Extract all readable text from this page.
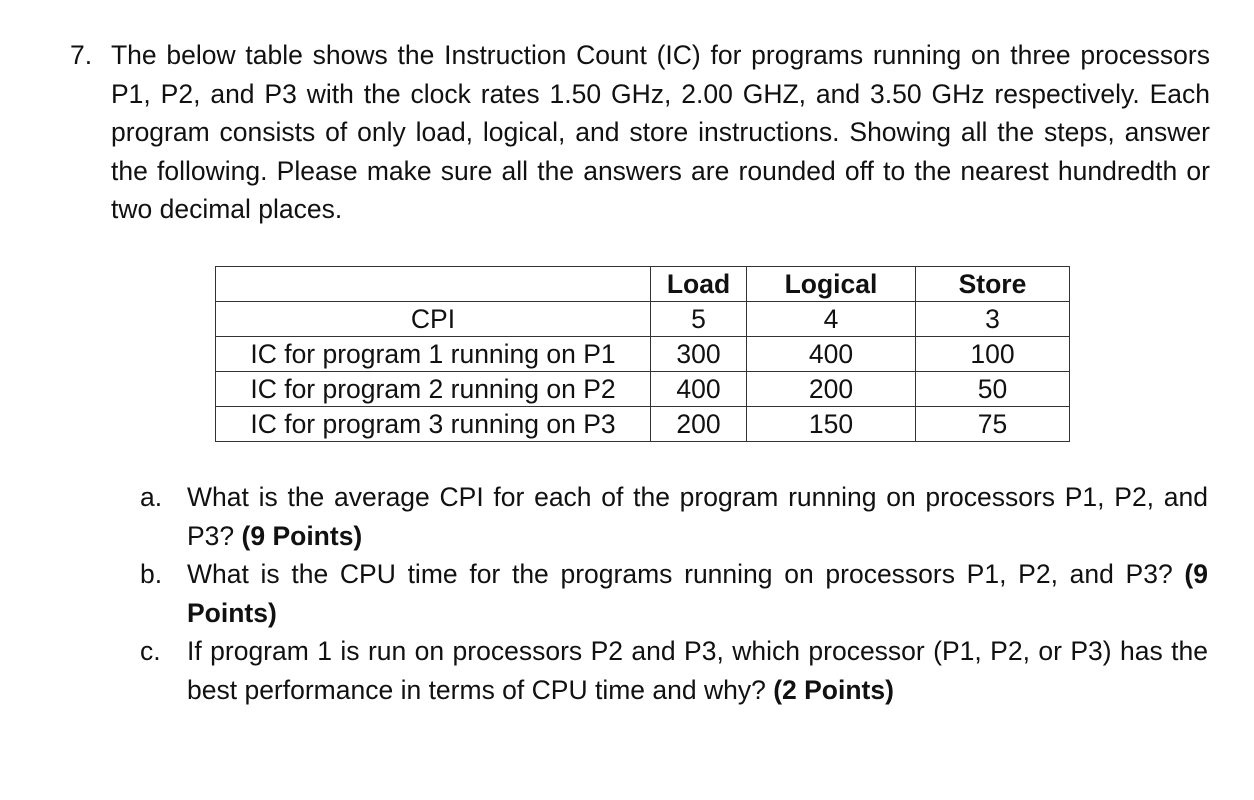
7. The below table shows the Instruction Count (IC) for programs running on three processors P1, P2, and P3 with the clock rates 1.50 GHz, 2.00 GHZ, and 3.50 GHz respectively. Each program consists of only load, logical, and store instructions. Showing all the steps, answer the following. Please make sure all the answers are rounded off to the nearest hundredth or two decimal places.
	Load	Logical	Store
CPI	5	4	3
IC for program 1 running on P1	300	400	100
IC for program 2 running on P2	400	200	50
IC for program 3 running on P3	200	150	75
a. What is the average CPI for each of the program running on processors P1, P2, and P3? (9 Points)
b. What is the CPU time for the programs running on processors P1, P2, and P3? (9 Points)
c. If program 1 is run on processors P2 and P3, which processor (P1, P2, or P3) has the best performance in terms of CPU time and why? (2 Points)
